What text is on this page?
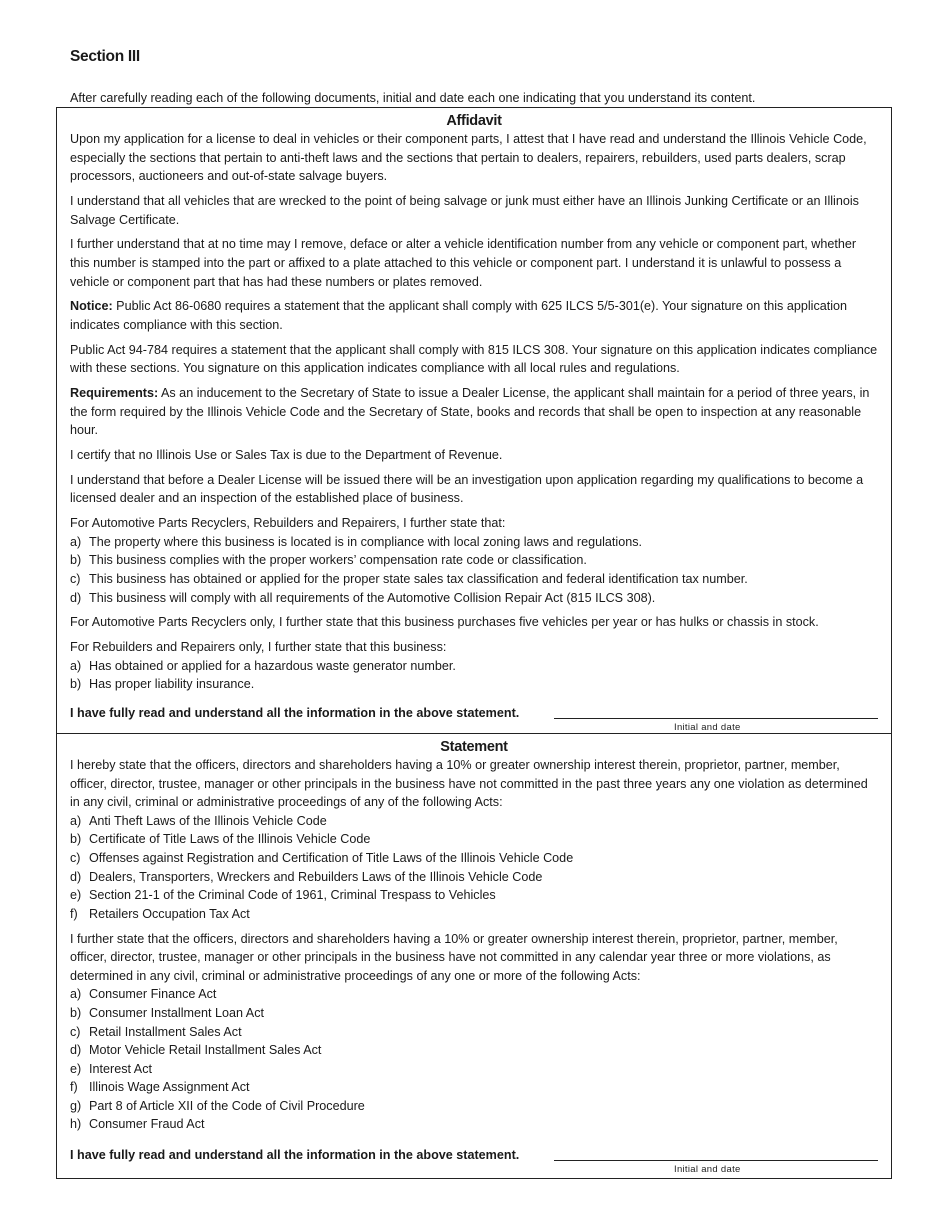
Section III
After carefully reading each of the following documents, initial and date each one indicating that you understand its content.
Affidavit

Upon my application for a license to deal in vehicles or their component parts, I attest that I have read and understand the Illinois Vehicle Code, especially the sections that pertain to anti-theft laws and the sections that pertain to dealers, repairers, rebuilders, used parts dealers, scrap processors, auctioneers and out-of-state salvage buyers.

I understand that all vehicles that are wrecked to the point of being salvage or junk must either have an Illinois Junking Certificate or an Illinois Salvage Certificate.

I further understand that at no time may I remove, deface or alter a vehicle identification number from any vehicle or component part, whether this number is stamped into the part or affixed to a plate attached to this vehicle or component part. I understand it is unlawful to possess a vehicle or component part that has had these numbers or plates removed.

Notice: Public Act 86-0680 requires a statement that the applicant shall comply with 625 ILCS 5/5-301(e). Your signature on this application indicates compliance with this section.

Public Act 94-784 requires a statement that the applicant shall comply with 815 ILCS 308. Your signature on this application indicates compliance with these sections. You signature on this application indicates compliance with all local rules and regulations.

Requirements: As an inducement to the Secretary of State to issue a Dealer License, the applicant shall maintain for a period of three years, in the form required by the Illinois Vehicle Code and the Secretary of State, books and records that shall be open to inspection at any reasonable hour.

I certify that no Illinois Use or Sales Tax is due to the Department of Revenue.

I understand that before a Dealer License will be issued there will be an investigation upon application regarding my qualifications to become a licensed dealer and an inspection of the established place of business.

For Automotive Parts Recyclers, Rebuilders and Repairers, I further state that:
a) The property where this business is located is in compliance with local zoning laws and regulations.
b) This business complies with the proper workers’ compensation rate code or classification.
c) This business has obtained or applied for the proper state sales tax classification and federal identification tax number.
d) This business will comply with all requirements of the Automotive Collision Repair Act (815 ILCS 308).

For Automotive Parts Recyclers only, I further state that this business purchases five vehicles per year or has hulks or chassis in stock.

For Rebuilders and Repairers only, I further state that this business:
a) Has obtained or applied for a hazardous waste generator number.
b) Has proper liability insurance.
I have fully read and understand all the information in the above statement.
Initial and date
Statement
I hereby state that the officers, directors and shareholders having a 10% or greater ownership interest therein, proprietor, partner, member, officer, director, trustee, manager or other principals in the business have not committed in the past three years any one violation as determined in any civil, criminal or administrative proceedings of any of the following Acts:
a) Anti Theft Laws of the Illinois Vehicle Code
b) Certificate of Title Laws of the Illinois Vehicle Code
c) Offenses against Registration and Certification of Title Laws of the Illinois Vehicle Code
d) Dealers, Transporters, Wreckers and Rebuilders Laws of the Illinois Vehicle Code
e) Section 21-1 of the Criminal Code of 1961, Criminal Trespass to Vehicles
f) Retailers Occupation Tax Act
I further state that the officers, directors and shareholders having a 10% or greater ownership interest therein, proprietor, partner, member, officer, director, trustee, manager or other principals in the business have not committed in any calendar year three or more violations, as determined in any civil, criminal or administrative proceedings of any one or more of the following Acts:
a) Consumer Finance Act
b) Consumer Installment Loan Act
c) Retail Installment Sales Act
d) Motor Vehicle Retail Installment Sales Act
e) Interest Act
f) Illinois Wage Assignment Act
g) Part 8 of Article XII of the Code of Civil Procedure
h) Consumer Fraud Act
I have fully read and understand all the information in the above statement.
Initial and date
